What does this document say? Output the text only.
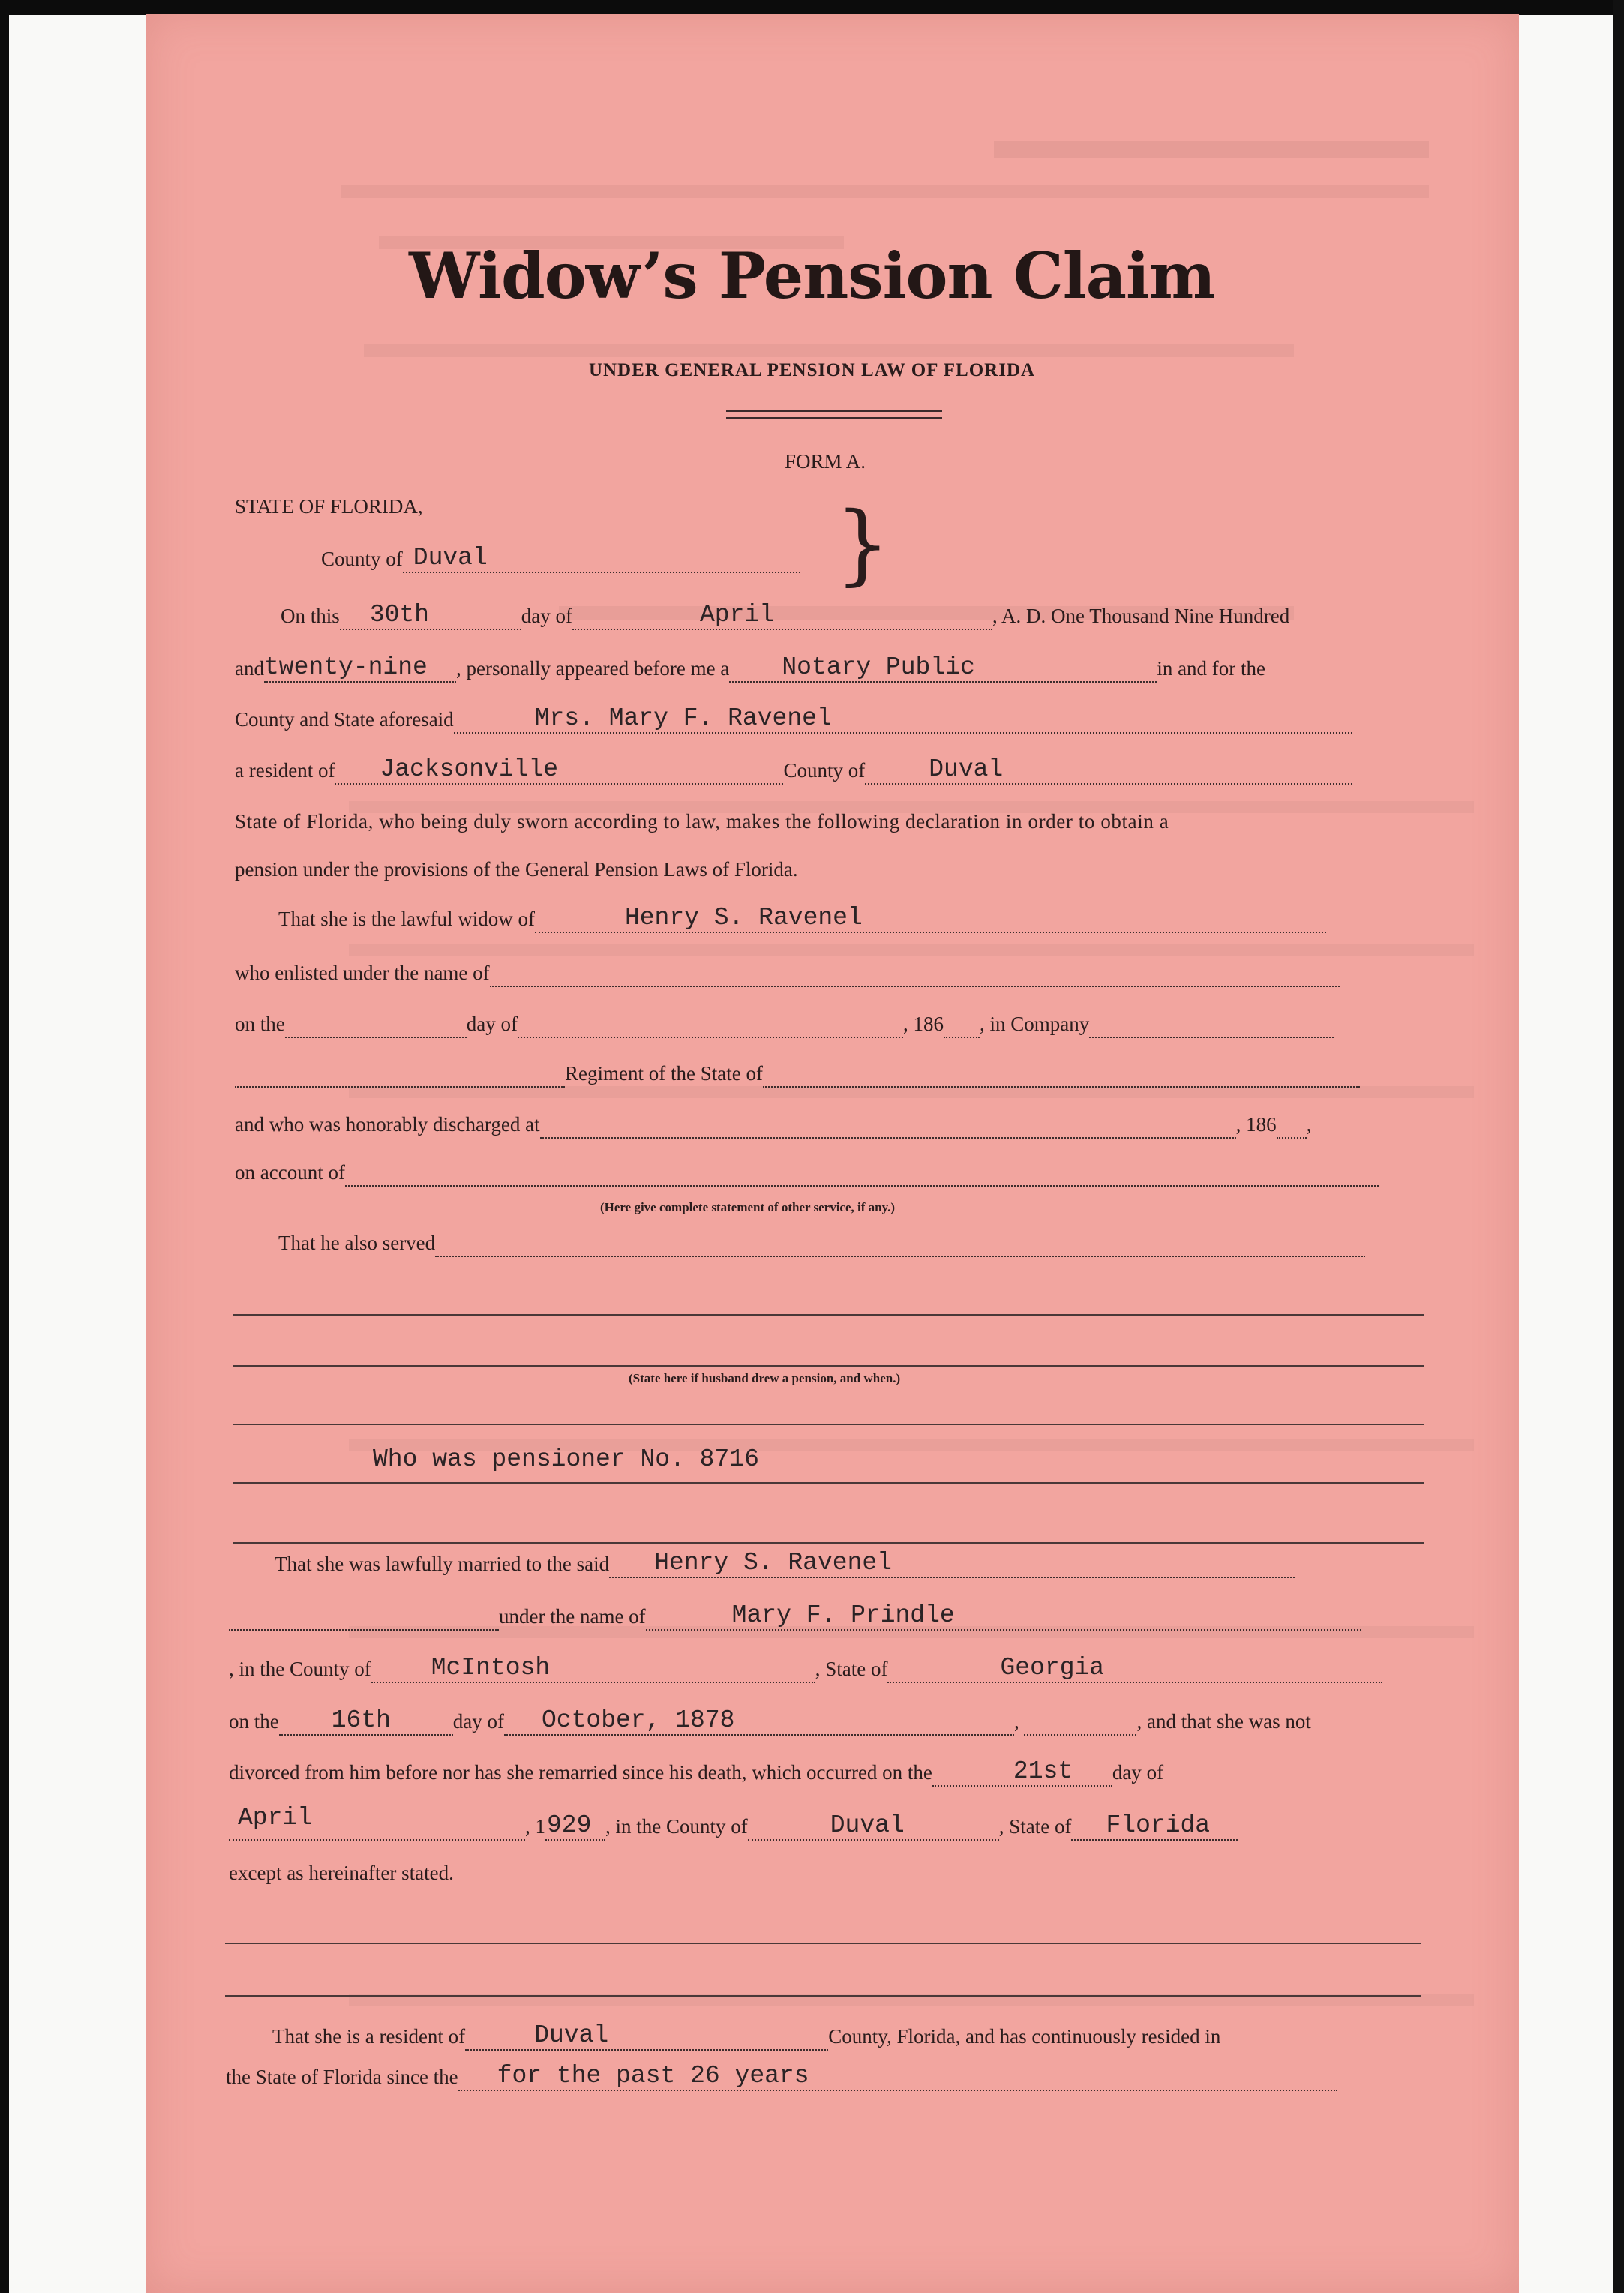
Widow’s Pension Claim
UNDER GENERAL PENSION LAW OF FLORIDA
FORM A.
STATE OF FLORIDA,	}
County of Duval
On this 30th	day of	April	, A. D. One Thousand Nine Hundred
and twenty-nine , personally appeared before me a Notary Public	in and for the
County and State aforesaid	Mrs. Mary F. Ravenel
a resident of Jacksonville	County of	Duval
State of Florida, who being duly sworn according to law, makes the following declaration in order to obtain a
pension under the provisions of the General Pension Laws of Florida.
That she is the lawful widow of	Henry S. Ravenel
who enlisted under the name of
on the	day of	, 186 , in Company
Regiment of the State of
and who was honorably discharged at	, 186 ,
on account of
(Here give complete statement of other service, if any.)
That he also served
(State here if husband drew a pension, and when.)
Who was pensioner No. 8716
That she was lawfully married to the said Henry S. Ravenel
under the name of	Mary F. Prindle
, in the County of McIntosh	, State of	Georgia
on the 16th	day of October, 1878	,	, and that she was not
divorced from him before nor has she remarried since his death, which occurred on the	21st day of
April	, 1 929 , in the County of	Duval	, State of Florida
except as hereinafter stated.
That she is a resident of	Duval	County, Florida, and has continuously resided in
the State of Florida since the for the past 26 years
